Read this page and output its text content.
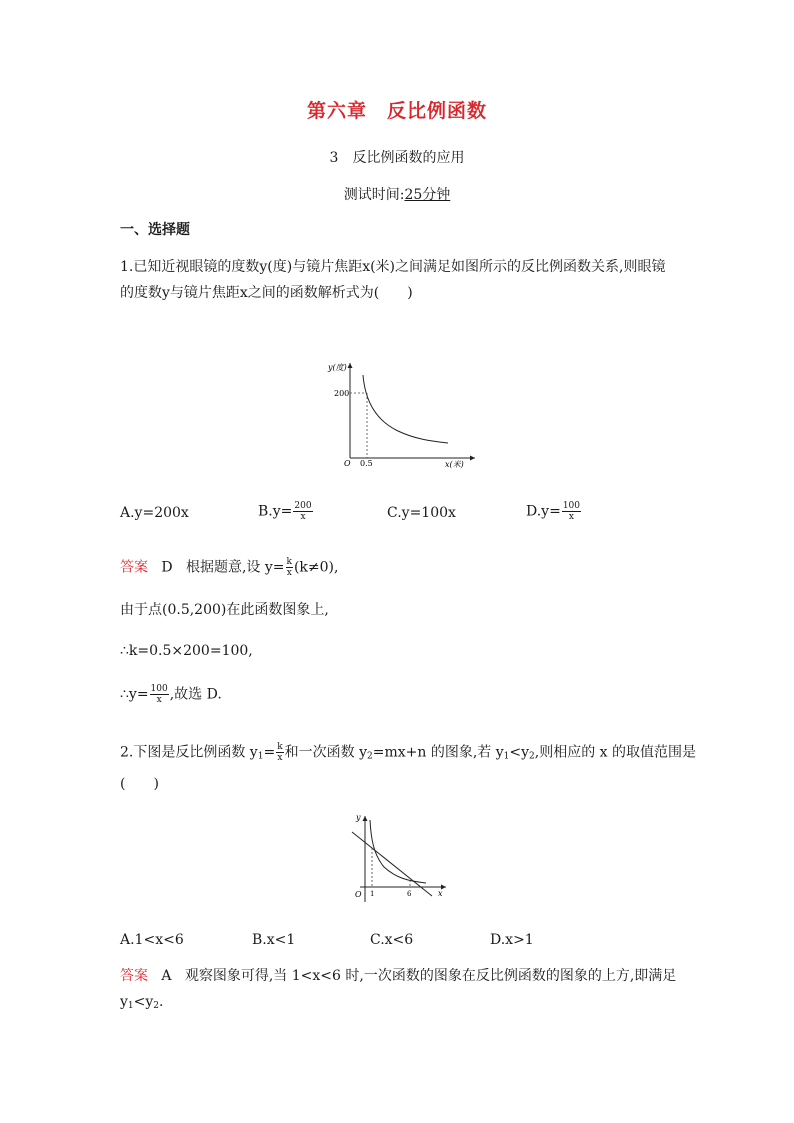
第六章　反比例函数
3　反比例函数的应用
测试时间:25分钟
一、选择题
1.已知近视眼镜的度数y(度)与镜片焦距x(米)之间满足如图所示的反比例函数关系,则眼镜
的度数y与镜片焦距x之间的函数解析式为(　　)
y(度)
x(米)
O 0.5
200
A.y=200x	$B.y= \frac{200}{x}$	C.y=100x	$D.y= \frac{100}{x}$
答案 D 根据题意,设 $y= \frac{k}{x} (k\ne 0)$,
由于点(0.5,200)在此函数图象上,
∴k=0.5×200=100,
∴y= $\frac{100}{x}$ ,故选 D.
2.下图是反比例函数 $y_1= \frac{k}{x}$ 和一次函数 $y_2=mx+n$ 的图象,若 $y_1<y_2$,则相应的 x 的取值范围是
(　　)
y
x
O 1	6
A.1<x<6	B.x<1	C.x<6	D.x>1
答案 A 观察图象可得,当 1<x<6 时,一次函数的图象在反比例函数的图象的上方,即满足
$y_1<y_2$.
